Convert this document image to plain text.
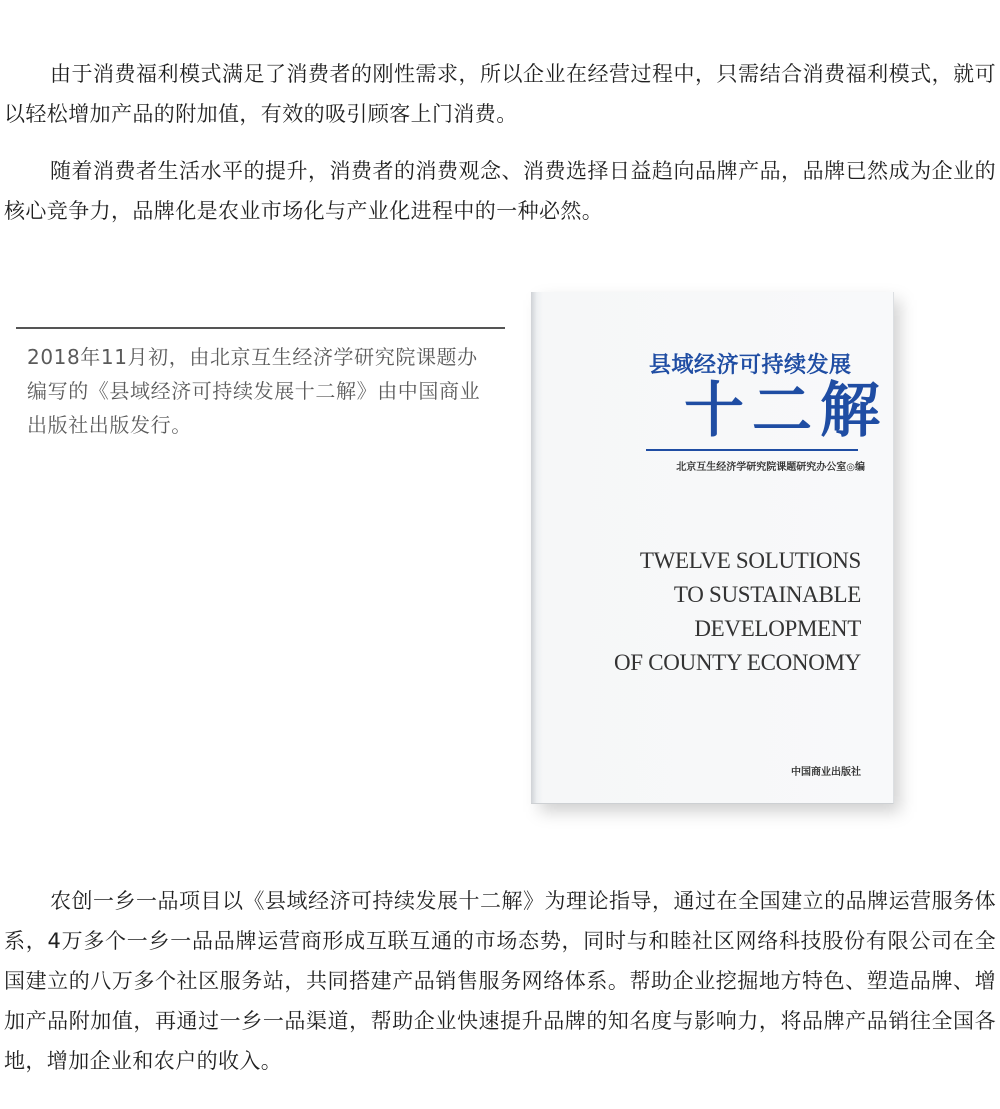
由于消费福利模式满足了消费者的刚性需求，所以企业在经营过程中，只需结合消费福利模式，就可以轻松增加产品的附加值，有效的吸引顾客上门消费。

随着消费者生活水平的提升，消费者的消费观念、消费选择日益趋向品牌产品，品牌已然成为企业的核心竞争力，品牌化是农业市场化与产业化进程中的一种必然。

2018年11月初，由北京互生经济学研究院课题办编写的《县域经济可持续发展十二解》由中国商业出版社出版发行。

县域经济可持续发展
十二解
北京互生经济学研究院课题研究办公室◎编
TWELVE SOLUTIONS
TO SUSTAINABLE
DEVELOPMENT
OF COUNTY ECONOMY
中国商业出版社

农创一乡一品项目以《县域经济可持续发展十二解》为理论指导，通过在全国建立的品牌运营服务体系，4万多个一乡一品品牌运营商形成互联互通的市场态势，同时与和睦社区网络科技股份有限公司在全国建立的八万多个社区服务站，共同搭建产品销售服务网络体系。帮助企业挖掘地方特色、塑造品牌、增加产品附加值，再通过一乡一品渠道，帮助企业快速提升品牌的知名度与影响力，将品牌产品销往全国各地，增加企业和农户的收入。
